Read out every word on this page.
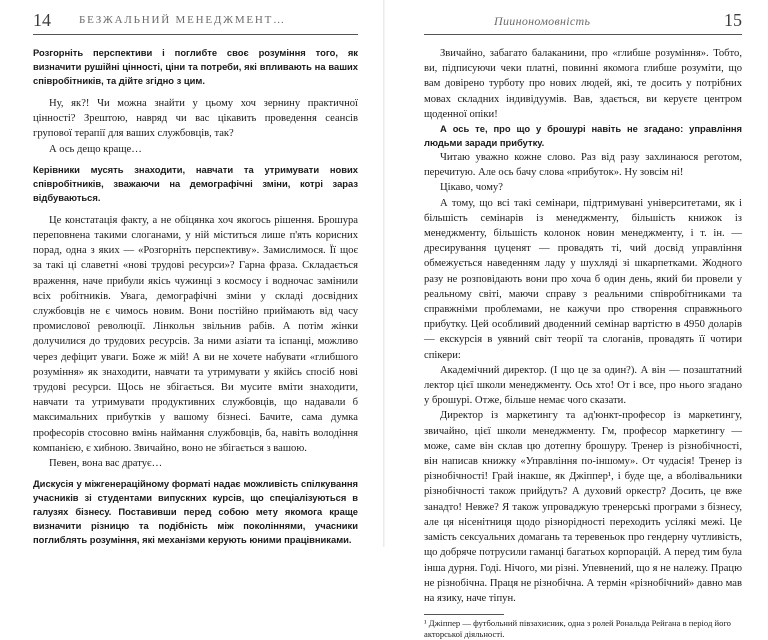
14	БЕЗЖАЛЬНИЙ МЕНЕДЖМЕНТ…

Розгорніть перспективи і поглибте своє розуміння того, як визначити рушійні цінності, ціни та потреби, які впливають на ваших співробітників, та дійте згідно з цим.

Ну, як?! Чи можна знайти у цьому хоч зернину практичної цінності? Зрештою, навряд чи вас цікавить проведення сеансів групової терапії для ваших службовців, так?

А ось дещо краще…

Керівники мусять знаходити, навчати та утримувати нових співробітників, зважаючи на демографічні зміни, котрі зараз відбуваються.

Це констатація факту, а не обіцянка хоч якогось рішення. Брошура переповнена такими слоганами, у ній міститься лише п'ять корисних порад, одна з яких — «Розгорніть перспективу». Замислимося. Її щоє за такі ці славетні «нові трудові ресурси»? Гарна фраза. Складається враження, наче прибули якісь чужинці з космосу і водночас замінили всіх робітників. Увага, демографічні зміни у складі досвідних службовців не є чимось новим. Вони постійно приймають від часу промислової революції. Лінкольн звільнив рабів. А потім жінки долучилися до трудових ресурсів. За ними азіати та іспанці, можливо через дефіцит уваги. Боже ж мій! А ви не хочете набувати «глибшого розуміння» як знаходити, навчати та утримувати у якійсь спосіб нові трудові ресурси. Щось не збігається. Ви мусите вміти знаходити, навчати та утримувати продуктивних службовців, що надавали б максимальних прибутків у вашому бізнесі. Бачите, сама думка професорів стосовно вмінь наймання службовців, ба, навіть володіння компанією, є хибною. Звичайно, воно не збігається з вашою.

Певен, вона вас дратує…

Дискусія у міжгенераційному форматі надає можливість спілкування учасників зі студентами випускних курсів, що спеціалізуються в галузях бізнесу. Поставивши перед собою мету якомога краще визначити різницю та подібність між поколіннями, учасники поглиблять розуміння, які механізми керують юними працівниками.

Пиинономовність	15

Звичайно, забагато балаканини, про «глибше розуміння». Тобто, ви, підписуючи чеки платні, повинні якомога глибше розуміти, що вам довірено турботу про нових людей, які, те досить у потрібних мовах складних індивідуумів. Вав, здається, ви керуєте центром щоденної опіки!

А ось те, про що у брошурі навіть не згадано: управління людьми заради прибутку.

Читаю уважно кожне слово. Раз від разу захлинаюся реготом, перечитую. Але ось бачу слова «прибуток». Ну зовсім ні!

Цікаво, чому?

А тому, що всі такі семінари, підтримувані університетами, як і більшість семінарів із менеджменту, більшість книжок із менеджменту, більшість колонок новин менеджменту, і т. ін. — дресирування цуценят — провадять ті, чий досвід управління обмежується наведенням ладу у шухляді зі шкарпетками. Жодного разу не розповідають вони про хоча б один день, який би провели у реальному світі, маючи справу з реальними співробітниками та справжніми проблемами, не кажучи про створення справжнього прибутку. Цей особливий дводенний семінар вартістю в 4950 доларів — екскурсія в уявний світ теорії та слоганів, провадять її чотири спікери:

Академічний директор. (І що це за один?). А він — позаштатний лектор цієї школи менеджменту. Ось хто! От і все, про нього згадано у брошурі. Отже, більше немає чого сказати.

Директор із маркетингу та ад'юнкт-професор із маркетингу, звичайно, цієї школи менеджменту. Гм, професор маркетингу — може, саме він склав цю дотепну брошуру. Тренер із різнобічності, він написав книжку «Управління по-іншому». От чудасія! Тренер із різнобічності! Грай інакше, як Джіппер¹, і буде ще, а вболівальники різнобічності також прийдуть? А духовий оркестр? Досить, це вже занадто! Невже? Я також упроваджую тренерські програми з бізнесу, але ця нісенітниця щодо різнорідності переходить усілякі межі. Це замість сексуальних домагань та теревеньок про гендерну чутливість, що добряче потрусили гаманці багатьох корпорацій. А перед тим була інша дурня. Годі. Нічого, ми різні. Упевнений, що я не належу. Працю не різнобічна. Праця не різнобічна. А термін «різнобічний» давно мав на язику, наче тіпун.

¹ Джіппер — футбольний півзахисник, одна з ролей Рональда Рейгана в період його акторської діяльності.
